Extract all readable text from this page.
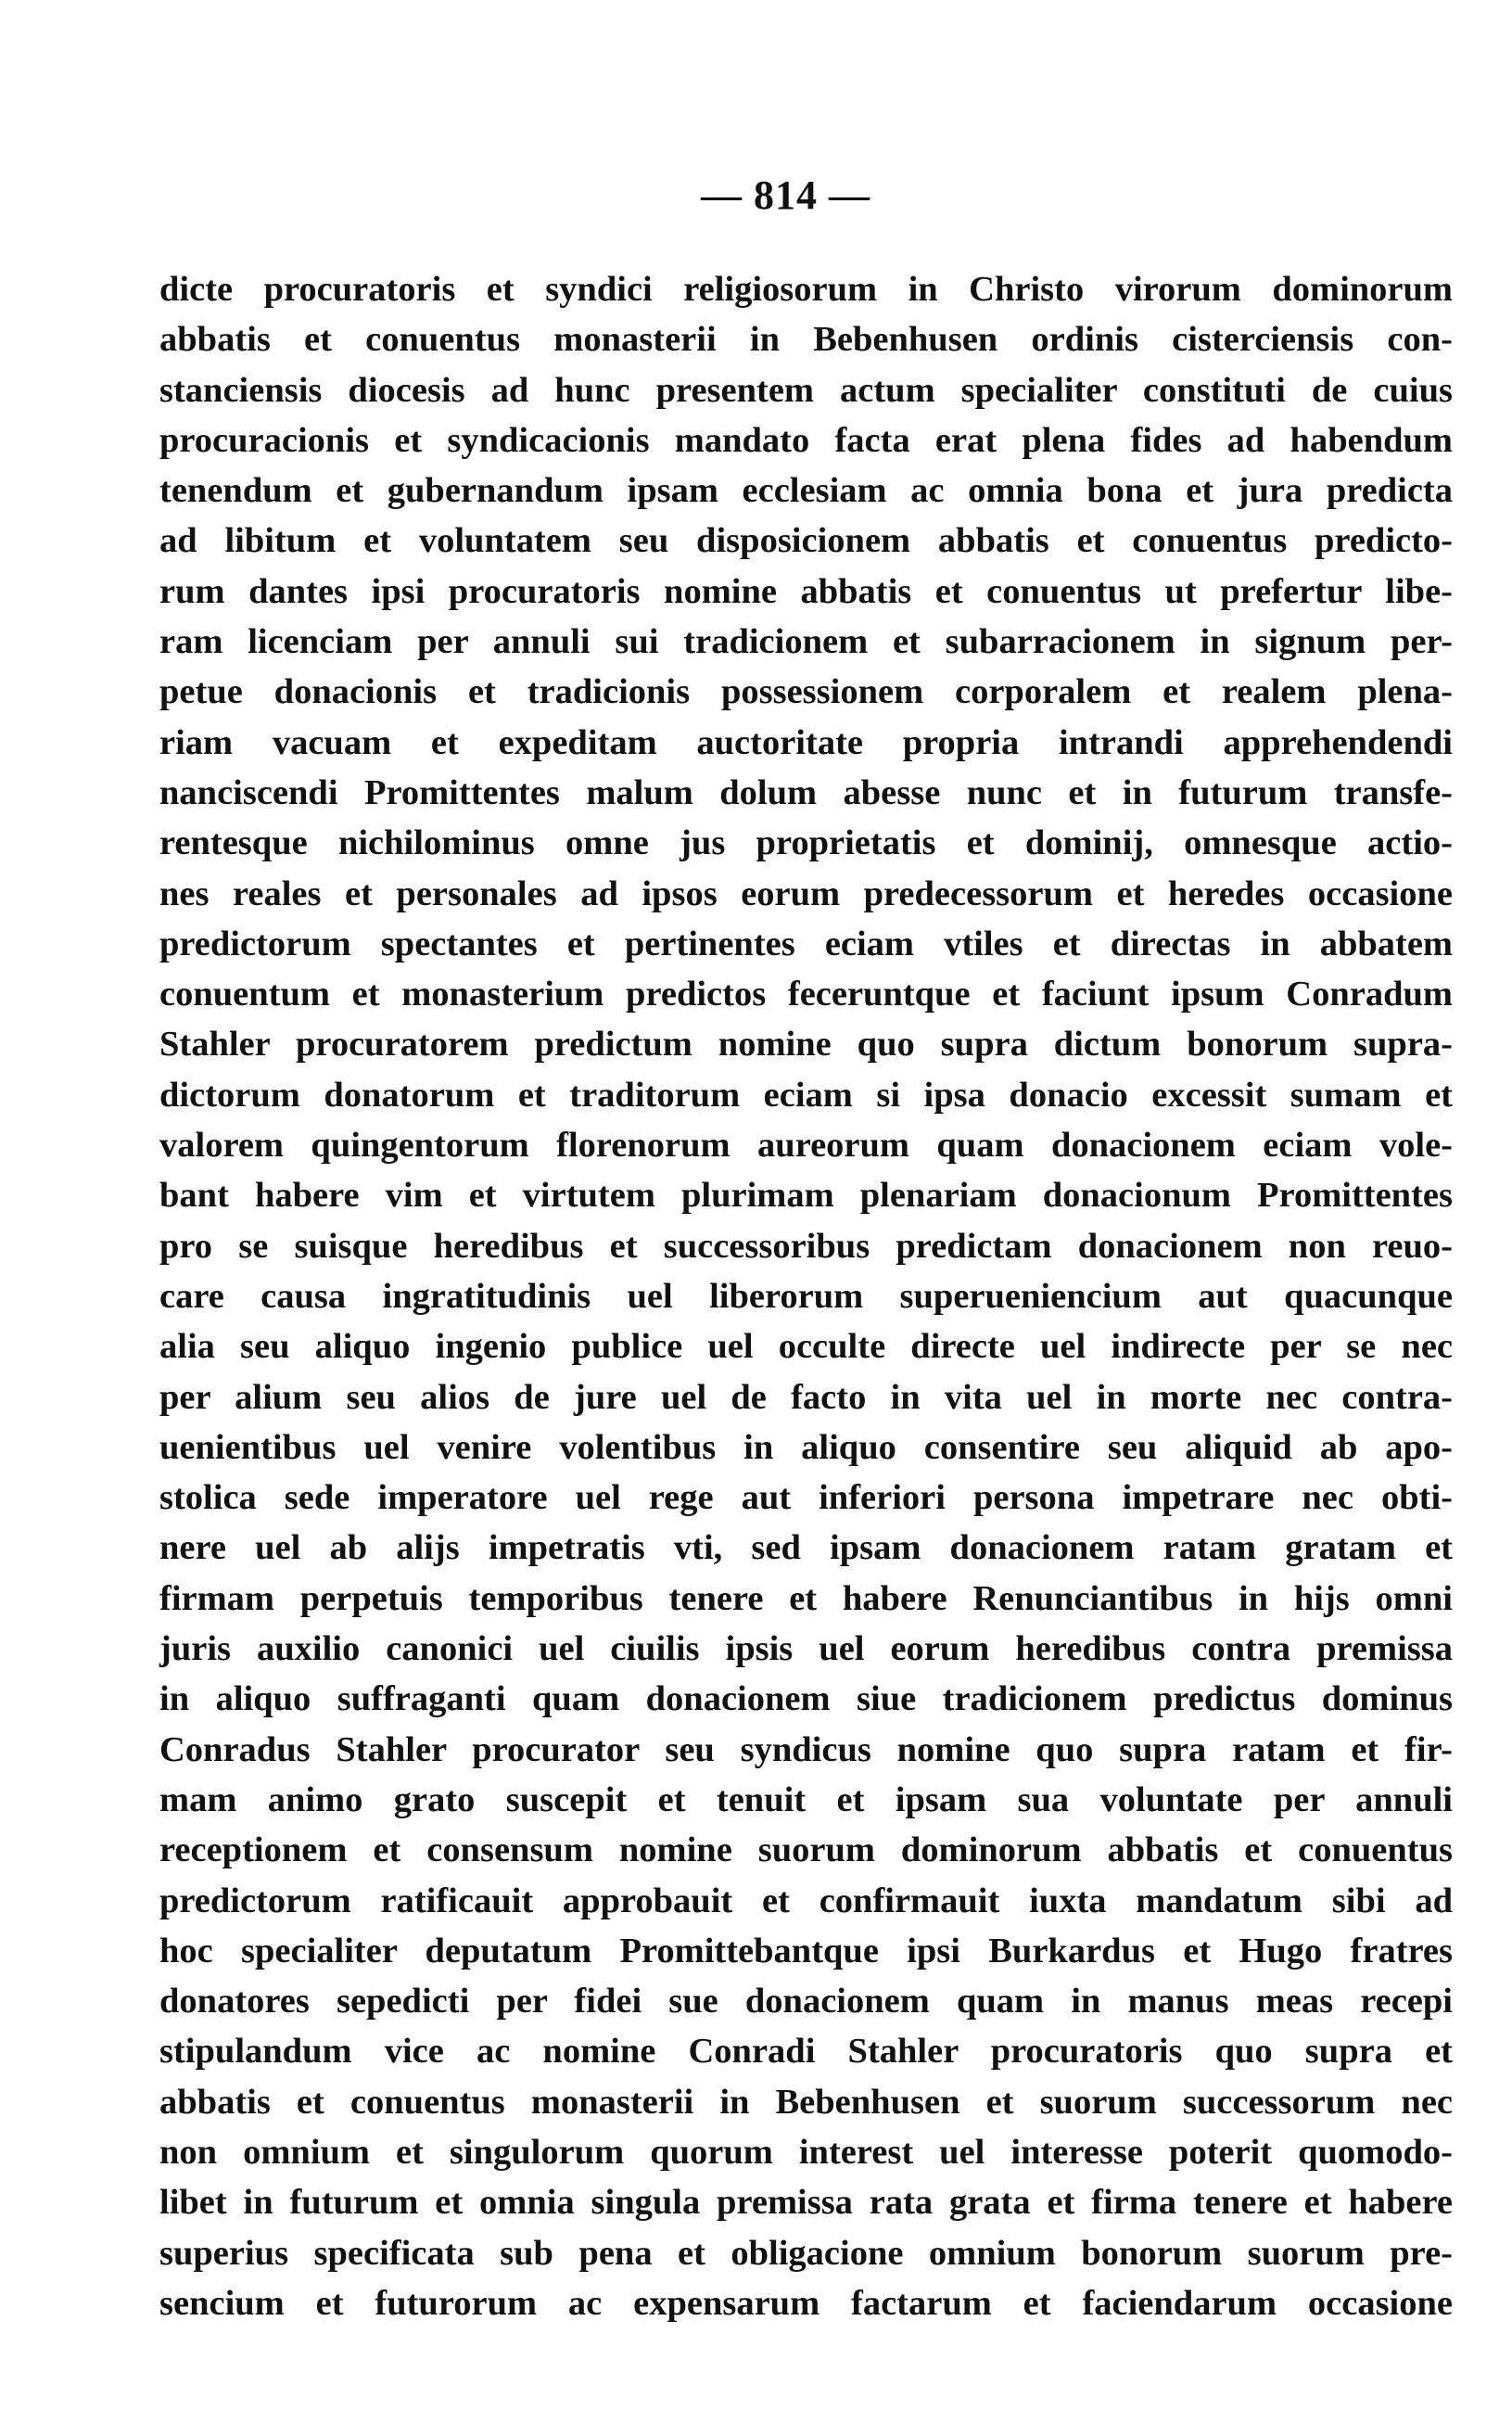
— 814 —
dicte procuratoris et syndici religiosorum in Christo virorum dominorum
abbatis et conuentus monasterii in Bebenhusen ordinis cisterciensis con-
stanciensis diocesis ad hunc presentem actum specialiter constituti de cuius
procuracionis et syndicacionis mandato facta erat plena fides ad habendum
tenendum et gubernandum ipsam ecclesiam ac omnia bona et jura predicta
ad libitum et voluntatem seu disposicionem abbatis et conuentus predicto-
rum dantes ipsi procuratoris nomine abbatis et conuentus ut prefertur libe-
ram licenciam per annuli sui tradicionem et subarracionem in signum per-
petue donacionis et tradicionis possessionem corporalem et realem plena-
riam vacuam et expeditam auctoritate propria intrandi apprehendendi
nanciscendi Promittentes malum dolum abesse nunc et in futurum transfe-
rentesque nichilominus omne jus proprietatis et dominij, omnesque actio-
nes reales et personales ad ipsos eorum predecessorum et heredes occasione
predictorum spectantes et pertinentes eciam vtiles et directas in abbatem
conuentum et monasterium predictos feceruntque et faciunt ipsum Conradum
Stahler procuratorem predictum nomine quo supra dictum bonorum supra-
dictorum donatorum et traditorum eciam si ipsa donacio excessit sumam et
valorem quingentorum florenorum aureorum quam donacionem eciam vole-
bant habere vim et virtutem plurimam plenariam donacionum Promittentes
pro se suisque heredibus et successoribus predictam donacionem non reuo-
care causa ingratitudinis uel liberorum superueniencium aut quacunque
alia seu aliquo ingenio publice uel occulte directe uel indirecte per se nec
per alium seu alios de jure uel de facto in vita uel in morte nec contra-
uenientibus uel venire volentibus in aliquo consentire seu aliquid ab apo-
stolica sede imperatore uel rege aut inferiori persona impetrare nec obti-
nere uel ab alijs impetratis vti, sed ipsam donacionem ratam gratam et
firmam perpetuis temporibus tenere et habere Renunciantibus in hijs omni
juris auxilio canonici uel ciuilis ipsis uel eorum heredibus contra premissa
in aliquo suffraganti quam donacionem siue tradicionem predictus dominus
Conradus Stahler procurator seu syndicus nomine quo supra ratam et fir-
mam animo grato suscepit et tenuit et ipsam sua voluntate per annuli
receptionem et consensum nomine suorum dominorum abbatis et conuentus
predictorum ratificauit approbauit et confirmauit iuxta mandatum sibi ad
hoc specialiter deputatum Promittebantque ipsi Burkardus et Hugo fratres
donatores sepedicti per fidei sue donacionem quam in manus meas recepi
stipulandum vice ac nomine Conradi Stahler procuratoris quo supra et
abbatis et conuentus monasterii in Bebenhusen et suorum successorum nec
non omnium et singulorum quorum interest uel interesse poterit quomodo-
libet in futurum et omnia singula premissa rata grata et firma tenere et habere
superius specificata sub pena et obligacione omnium bonorum suorum pre-
sencium et futurorum ac expensarum factarum et faciendarum occasione
